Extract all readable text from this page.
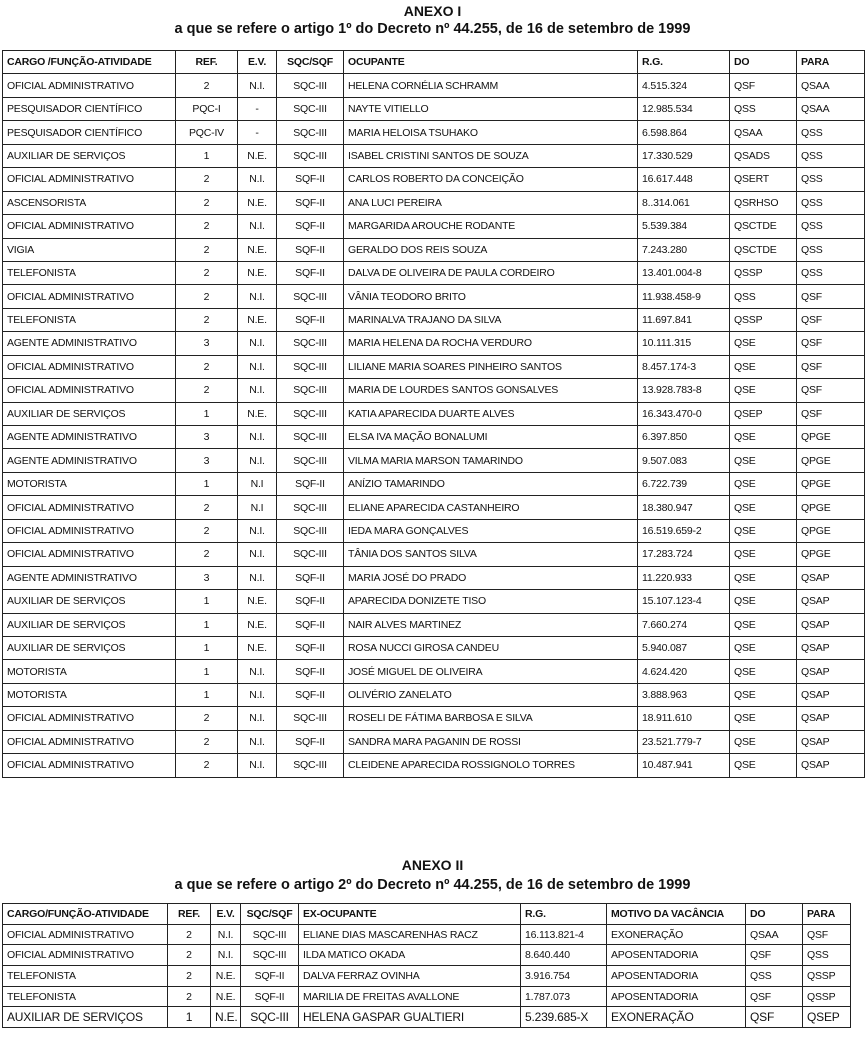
ANEXO I
a que se refere o artigo 1º do Decreto nº 44.255, de 16 de setembro de 1999
CARGO /FUNÇÃO-ATIVIDADE	REF.	E.V.	SQC/SQF	OCUPANTE	R.G.	DO	PARA
OFICIAL ADMINISTRATIVO	2	N.I.	SQC-III	HELENA CORNÉLIA SCHRAMM	4.515.324	QSF	QSAA
PESQUISADOR CIENTÍFICO	PQC-I	-	SQC-III	NAYTE VITIELLO	12.985.534	QSS	QSAA
PESQUISADOR CIENTÍFICO	PQC-IV	-	SQC-III	MARIA HELOISA TSUHAKO	6.598.864	QSAA	QSS
AUXILIAR DE SERVIÇOS	1	N.E.	SQC-III	ISABEL CRISTINI SANTOS DE SOUZA	17.330.529	QSADS	QSS
OFICIAL ADMINISTRATIVO	2	N.I.	SQF-II	CARLOS ROBERTO DA CONCEIÇÃO	16.617.448	QSERT	QSS
ASCENSORISTA	2	N.E.	SQF-II	ANA LUCI PEREIRA	8..314.061	QSRHSO	QSS
OFICIAL ADMINISTRATIVO	2	N.I.	SQF-II	MARGARIDA AROUCHE RODANTE	5.539.384	QSCTDE	QSS
VIGIA	2	N.E.	SQF-II	GERALDO DOS REIS SOUZA	7.243.280	QSCTDE	QSS
TELEFONISTA	2	N.E.	SQF-II	DALVA DE OLIVEIRA DE PAULA CORDEIRO	13.401.004-8	QSSP	QSS
OFICIAL ADMINISTRATIVO	2	N.I.	SQC-III	VÂNIA TEODORO BRITO	11.938.458-9	QSS	QSF
TELEFONISTA	2	N.E.	SQF-II	MARINALVA TRAJANO DA SILVA	11.697.841	QSSP	QSF
AGENTE ADMINISTRATIVO	3	N.I.	SQC-III	MARIA HELENA DA ROCHA VERDURO	10.111.315	QSE	QSF
OFICIAL ADMINISTRATIVO	2	N.I.	SQC-III	LILIANE MARIA SOARES PINHEIRO SANTOS	8.457.174-3	QSE	QSF
OFICIAL ADMINISTRATIVO	2	N.I.	SQC-III	MARIA DE LOURDES SANTOS GONSALVES	13.928.783-8	QSE	QSF
AUXILIAR DE SERVIÇOS	1	N.E.	SQC-III	KATIA APARECIDA DUARTE ALVES	16.343.470-0	QSEP	QSF
AGENTE ADMINISTRATIVO	3	N.I.	SQC-III	ELSA IVA MAÇÃO BONALUMI	6.397.850	QSE	QPGE
AGENTE ADMINISTRATIVO	3	N.I.	SQC-III	VILMA MARIA MARSON TAMARINDO	9.507.083	QSE	QPGE
MOTORISTA	1	N.I	SQF-II	ANÍZIO TAMARINDO	6.722.739	QSE	QPGE
OFICIAL ADMINISTRATIVO	2	N.I	SQC-III	ELIANE APARECIDA CASTANHEIRO	18.380.947	QSE	QPGE
OFICIAL ADMINISTRATIVO	2	N.I.	SQC-III	IEDA MARA GONÇALVES	16.519.659-2	QSE	QPGE
OFICIAL ADMINISTRATIVO	2	N.I.	SQC-III	TÂNIA DOS SANTOS SILVA	17.283.724	QSE	QPGE
AGENTE ADMINISTRATIVO	3	N.I.	SQF-II	MARIA JOSÉ DO PRADO	11.220.933	QSE	QSAP
AUXILIAR DE SERVIÇOS	1	N.E.	SQF-II	APARECIDA DONIZETE TISO	15.107.123-4	QSE	QSAP
AUXILIAR DE SERVIÇOS	1	N.E.	SQF-II	NAIR ALVES MARTINEZ	7.660.274	QSE	QSAP
AUXILIAR DE SERVIÇOS	1	N.E.	SQF-II	ROSA NUCCI GIROSA CANDEU	5.940.087	QSE	QSAP
MOTORISTA	1	N.I.	SQF-II	JOSÉ MIGUEL DE OLIVEIRA	4.624.420	QSE	QSAP
MOTORISTA	1	N.I.	SQF-II	OLIVÉRIO ZANELATO	3.888.963	QSE	QSAP
OFICIAL ADMINISTRATIVO	2	N.I.	SQC-III	ROSELI DE FÁTIMA BARBOSA E SILVA	18.911.610	QSE	QSAP
OFICIAL ADMINISTRATIVO	2	N.I.	SQF-II	SANDRA MARA PAGANIN DE ROSSI	23.521.779-7	QSE	QSAP
OFICIAL ADMINISTRATIVO	2	N.I.	SQC-III	CLEIDENE APARECIDA ROSSIGNOLO TORRES	10.487.941	QSE	QSAP
ANEXO II
a que se refere o artigo 2º do Decreto nº 44.255, de 16 de setembro de 1999
CARGO/FUNÇÃO-ATIVIDADE	REF.	E.V.	SQC/SQF	EX-OCUPANTE	R.G.	MOTIVO DA VACÂNCIA	DO	PARA
OFICIAL ADMINISTRATIVO	2	N.I.	SQC-III	ELIANE DIAS MASCARENHAS RACZ	16.113.821-4	EXONERAÇÃO	QSAA	QSF
OFICIAL ADMINISTRATIVO	2	N.I.	SQC-III	ILDA MATICO OKADA	8.640.440	APOSENTADORIA	QSF	QSS
TELEFONISTA	2	N.E.	SQF-II	DALVA FERRAZ OVINHA	3.916.754	APOSENTADORIA	QSS	QSSP
TELEFONISTA	2	N.E.	SQF-II	MARILIA DE FREITAS AVALLONE	1.787.073	APOSENTADORIA	QSF	QSSP
AUXILIAR DE SERVIÇOS	1	N.E.	SQC-III	HELENA GASPAR GUALTIERI	5.239.685-X	EXONERAÇÃO	QSF	QSEP
